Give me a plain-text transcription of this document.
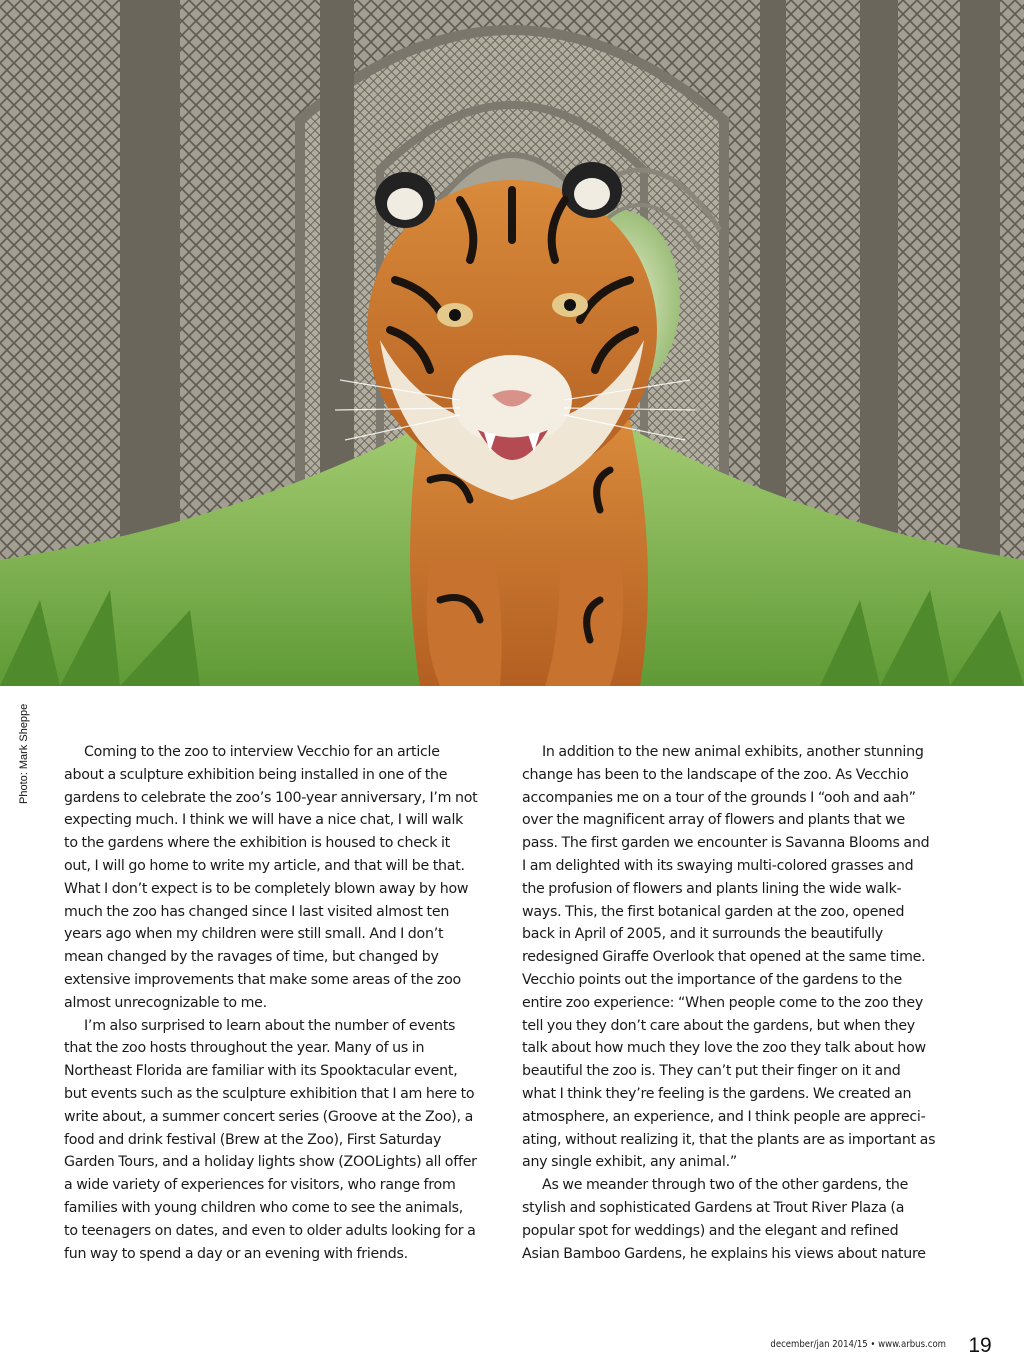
Photo: Mark Sheppe	Coming to the zoo to interview Vecchio for an article
about a sculpture exhibition being installed in one of the
gardens to celebrate the zoo’s 100-year anniversary, I’m not
expecting much. I think we will have a nice chat, I will walk
to the gardens where the exhibition is housed to check it
out, I will go home to write my article, and that will be that.
What I don’t expect is to be completely blown away by how
much the zoo has changed since I last visited almost ten
years ago when my children were still small. And I don’t
mean changed by the ravages of time, but changed by
extensive improvements that make some areas of the zoo
almost unrecognizable to me.

I’m also surprised to learn about the number of events
that the zoo hosts throughout the year. Many of us in
Northeast Florida are familiar with its Spooktacular event,
but events such as the sculpture exhibition that I am here to
write about, a summer concert series (Groove at the Zoo), a
food and drink festival (Brew at the Zoo), First Saturday
Garden Tours, and a holiday lights show (ZOOLights) all offer
a wide variety of experiences for visitors, who range from
families with young children who come to see the animals,
to teenagers on dates, and even to older adults looking for a
fun way to spend a day or an evening with friends.

In addition to the new animal exhibits, another stunning
change has been to the landscape of the zoo. As Vecchio
accompanies me on a tour of the grounds I “ooh and aah”
over the magnificent array of flowers and plants that we
pass. The first garden we encounter is Savanna Blooms and
I am delighted with its swaying multi-colored grasses and
the profusion of flowers and plants lining the wide walk-
ways. This, the first botanical garden at the zoo, opened
back in April of 2005, and it surrounds the beautifully
redesigned Giraffe Overlook that opened at the same time.
Vecchio points out the importance of the gardens to the
entire zoo experience: “When people come to the zoo they
tell you they don’t care about the gardens, but when they
talk about how much they love the zoo they talk about how
beautiful the zoo is. They can’t put their finger on it and
what I think they’re feeling is the gardens. We created an
atmosphere, an experience, and I think people are appreci-
ating, without realizing it, that the plants are as important as
any single exhibit, any animal.”

As we meander through two of the other gardens, the
stylish and sophisticated Gardens at Trout River Plaza (a
popular spot for weddings) and the elegant and refined
Asian Bamboo Gardens, he explains his views about nature

december/jan 2014/15 • www.arbus.com	19
